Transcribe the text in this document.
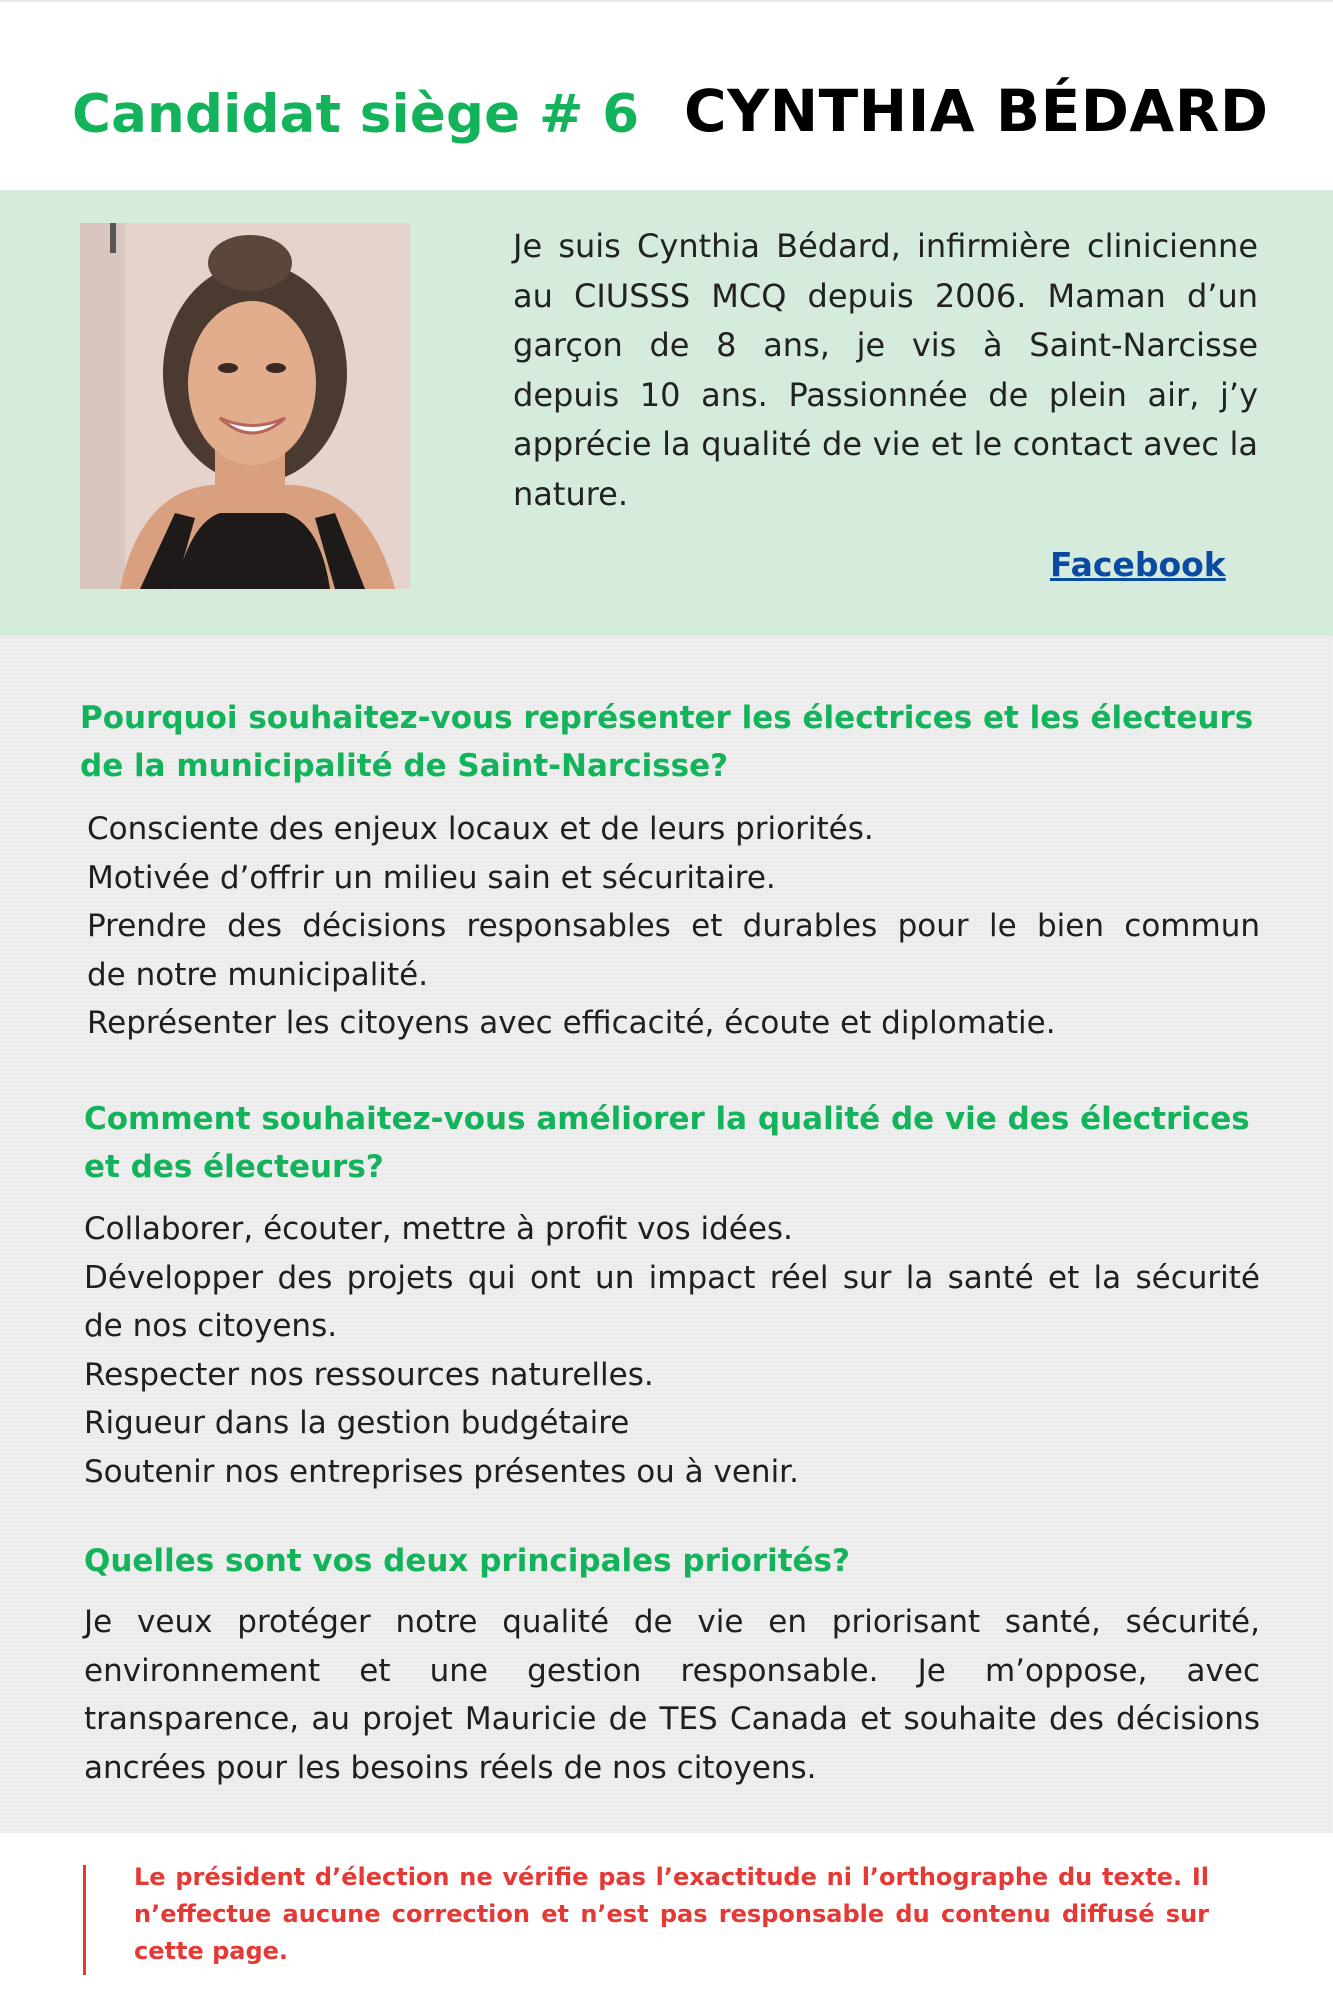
Candidat siège # 6 CYNTHIA BÉDARD
Je suis Cynthia Bédard, infirmière clinicienne au CIUSSS MCQ depuis 2006. Maman d’un garçon de 8 ans, je vis à Saint-Narcisse depuis 10 ans. Passionnée de plein air, j’y apprécie la qualité de vie et le contact avec la nature.
Facebook
Pourquoi souhaitez-vous représenter les électrices et les électeurs de la municipalité de Saint-Narcisse?
Consciente des enjeux locaux et de leurs priorités.
Motivée d’offrir un milieu sain et sécuritaire.
Prendre des décisions responsables et durables pour le bien commun
de notre municipalité.
Représenter les citoyens avec efficacité, écoute et diplomatie.
Comment souhaitez-vous améliorer la qualité de vie des électrices et des électeurs?
Collaborer, écouter, mettre à profit vos idées.
Développer des projets qui ont un impact réel sur la santé et la sécurité
de nos citoyens.
Respecter nos ressources naturelles.
Rigueur dans la gestion budgétaire
Soutenir nos entreprises présentes ou à venir.
Quelles sont vos deux principales priorités?
Je veux protéger notre qualité de vie en priorisant santé, sécurité, environnement et une gestion responsable. Je m’oppose, avec transparence, au projet Mauricie de TES Canada et souhaite des décisions ancrées pour les besoins réels de nos citoyens.
Le président d’élection ne vérifie pas l’exactitude ni l’orthographe du texte. Il n’effectue aucune correction et n’est pas responsable du contenu diffusé sur cette page.
